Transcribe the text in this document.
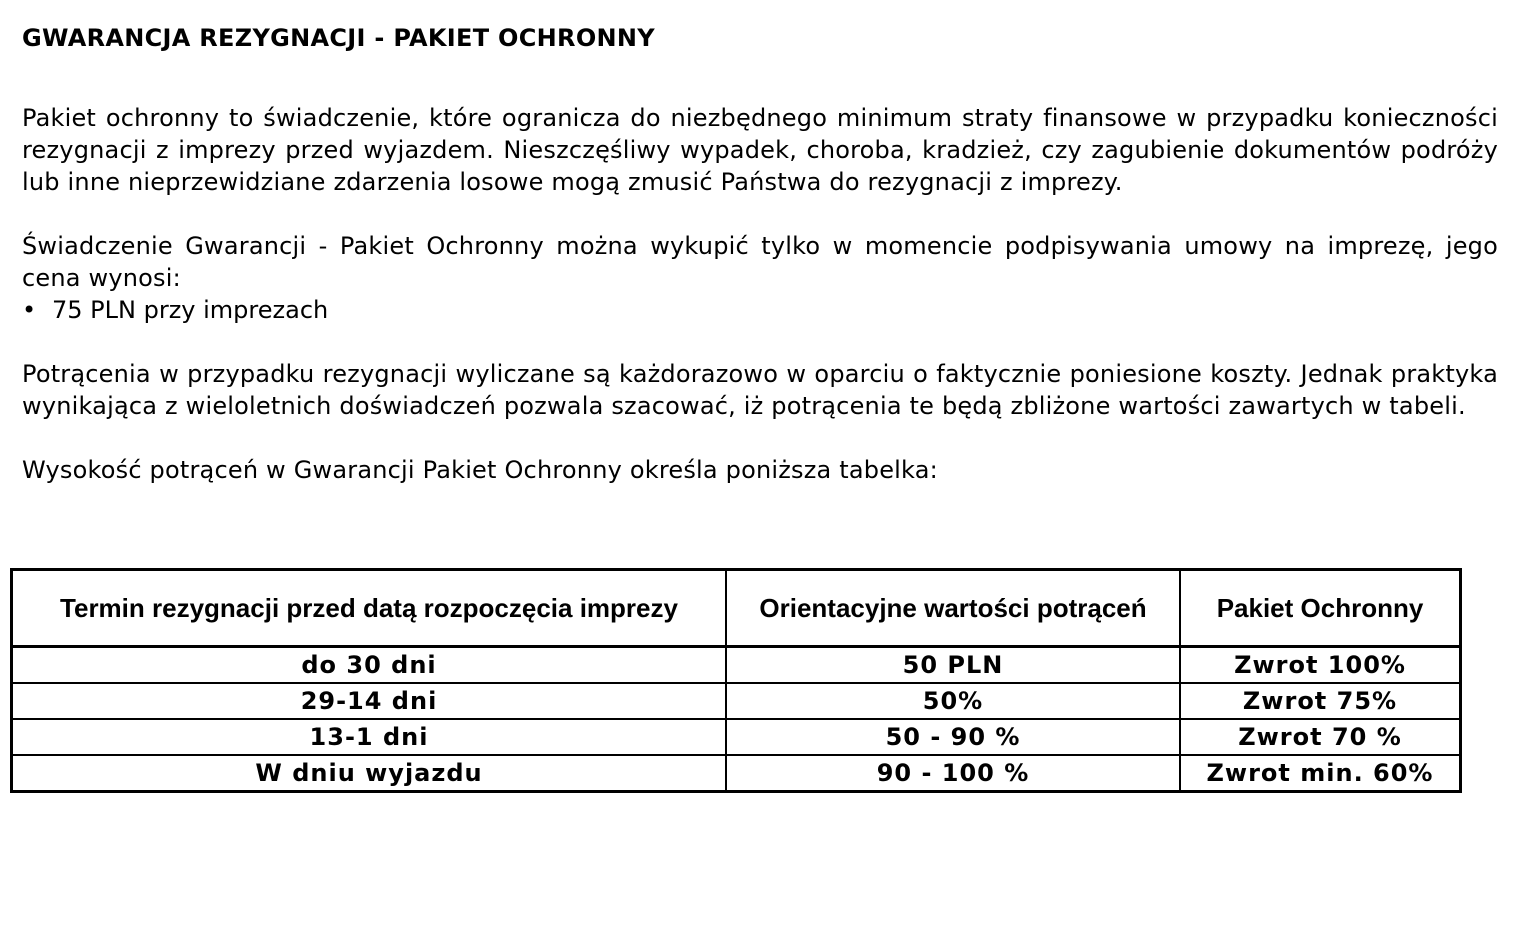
GWARANCJA REZYGNACJI - PAKIET OCHRONNY

Pakiet ochronny to świadczenie, które ogranicza do niezbędnego minimum straty finansowe w przypadku konieczności rezygnacji z imprezy przed wyjazdem. Nieszczęśliwy wypadek, choroba, kradzież, czy zagubienie dokumentów podróży lub inne nieprzewidziane zdarzenia losowe mogą zmusić Państwa do rezygnacji z imprezy.

Świadczenie Gwarancji - Pakiet Ochronny można wykupić tylko w momencie podpisywania umowy na imprezę, jego cena wynosi:

• 75 PLN przy imprezach

Potrącenia w przypadku rezygnacji wyliczane są każdorazowo w oparciu o faktycznie poniesione koszty. Jednak praktyka wynikająca z wieloletnich doświadczeń pozwala szacować, iż potrącenia te będą zbliżone wartości zawartych w tabeli.

Wysokość potrąceń w Gwarancji Pakiet Ochronny określa poniższa tabelka:

Termin rezygnacji przed datą rozpoczęcia imprezy	Orientacyjne wartości potrąceń	Pakiet Ochronny
do 30 dni	50 PLN	Zwrot 100%
29-14 dni	50%	Zwrot 75%
13-1 dni	50 - 90 %	Zwrot 70 %
W dniu wyjazdu	90 - 100 %	Zwrot min. 60%
